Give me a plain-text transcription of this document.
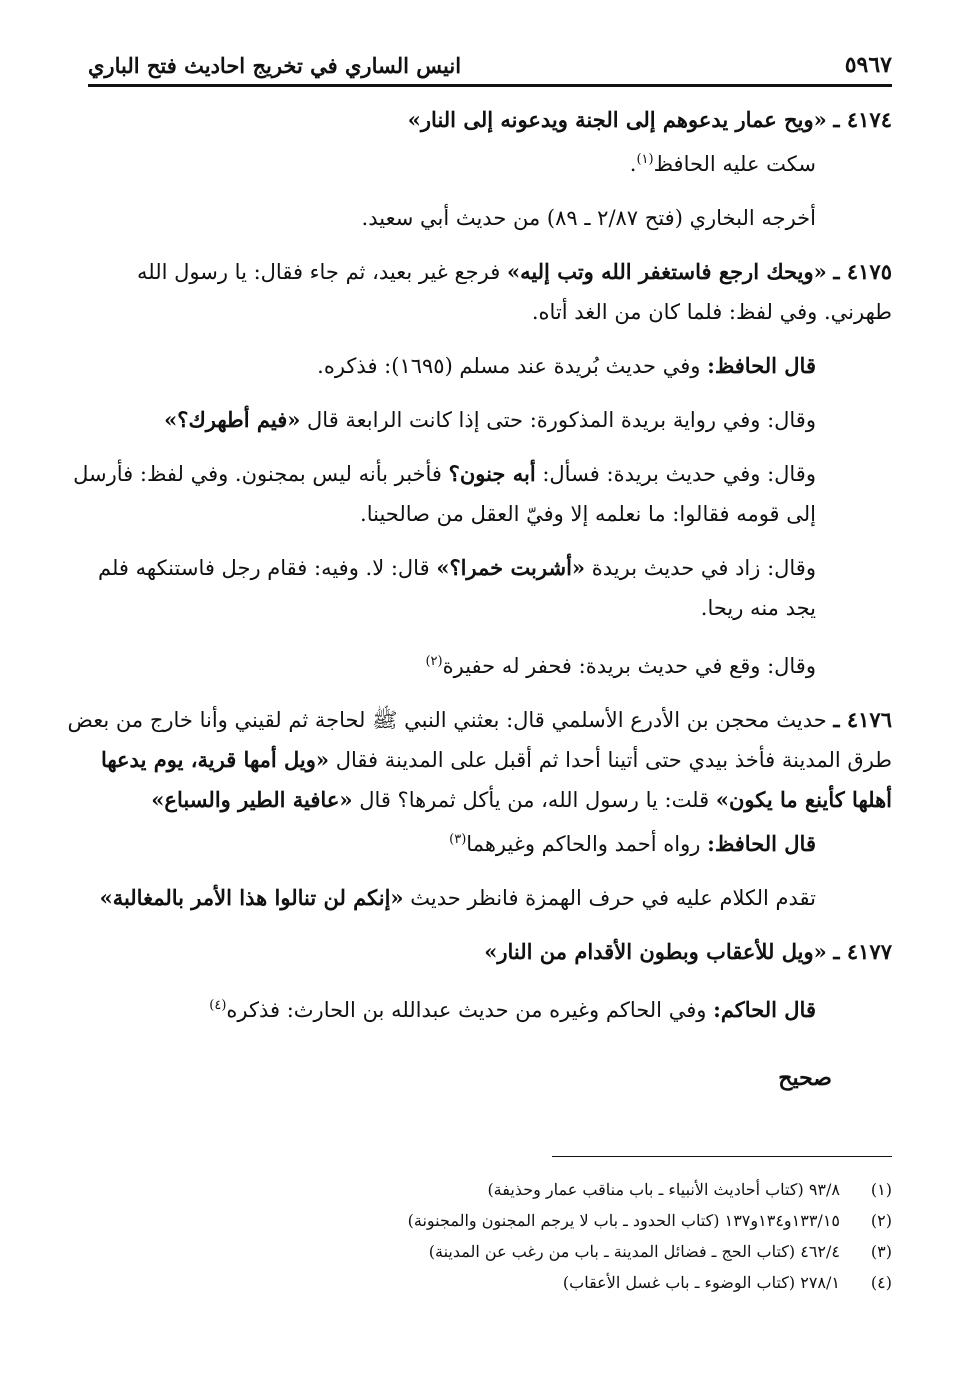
انيس الساري في تخريج احاديث فتح الباري	٥٩٦٧
٤١٧٤ ـ «ويح عمار يدعوهم إلى الجنة ويدعونه إلى النار»
سكت عليه الحافظ$^{(١)}$.
أخرجه البخاري (فتح ٢/٨٧ ـ ٨٩) من حديث أبي سعيد.
٤١٧٥ ـ «ويحك ارجع فاستغفر الله وتب إليه» فرجع غير بعيد، ثم جاء فقال: يا رسول الله طهرني. وفي لفظ: فلما كان من الغد أتاه.
قال الحافظ: وفي حديث بُريدة عند مسلم (١٦٩٥): فذكره.
وقال: وفي رواية بريدة المذكورة: حتى إذا كانت الرابعة قال «فيم أطهرك؟»
وقال: وفي حديث بريدة: فسأل: أبه جنون؟ فأخبر بأنه ليس بمجنون. وفي لفظ: فأرسل إلى قومه فقالوا: ما نعلمه إلا وفيّ العقل من صالحينا.
وقال: زاد في حديث بريدة «أشربت خمرا؟» قال: لا. وفيه: فقام رجل فاستنكهه فلم يجد منه ريحا.
وقال: وقع في حديث بريدة: فحفر له حفيرة$^{(٢)}$
٤١٧٦ ـ حديث محجن بن الأدرع الأسلمي قال: بعثني النبي ﷺ لحاجة ثم لقيني وأنا خارج من بعض طرق المدينة فأخذ بيدي حتى أتينا أحدا ثم أقبل على المدينة فقال «ويل أمها قرية، يوم يدعها أهلها كأينع ما يكون» قلت: يا رسول الله، من يأكل ثمرها؟ قال «عافية الطير والسباع»
قال الحافظ: رواه أحمد والحاكم وغيرهما$^{(٣)}$
تقدم الكلام عليه في حرف الهمزة فانظر حديث «إنكم لن تنالوا هذا الأمر بالمغالبة»
٤١٧٧ ـ «ويل للأعقاب وبطون الأقدام من النار»
قال الحاكم: وفي الحاكم وغيره من حديث عبدالله بن الحارث: فذكره$^{(٤)}$
صحيح
(١)٩٣/٨ (كتاب أحاديث الأنبياء ـ باب مناقب عمار وحذيفة)
(٢)١٣٣/١٥و١٣٤و١٣٧ (كتاب الحدود ـ باب لا يرجم المجنون والمجنونة)
(٣)٤٦٢/٤ (كتاب الحج ـ فضائل المدينة ـ باب من رغب عن المدينة)
(٤)٢٧٨/١ (كتاب الوضوء ـ باب غسل الأعقاب)
